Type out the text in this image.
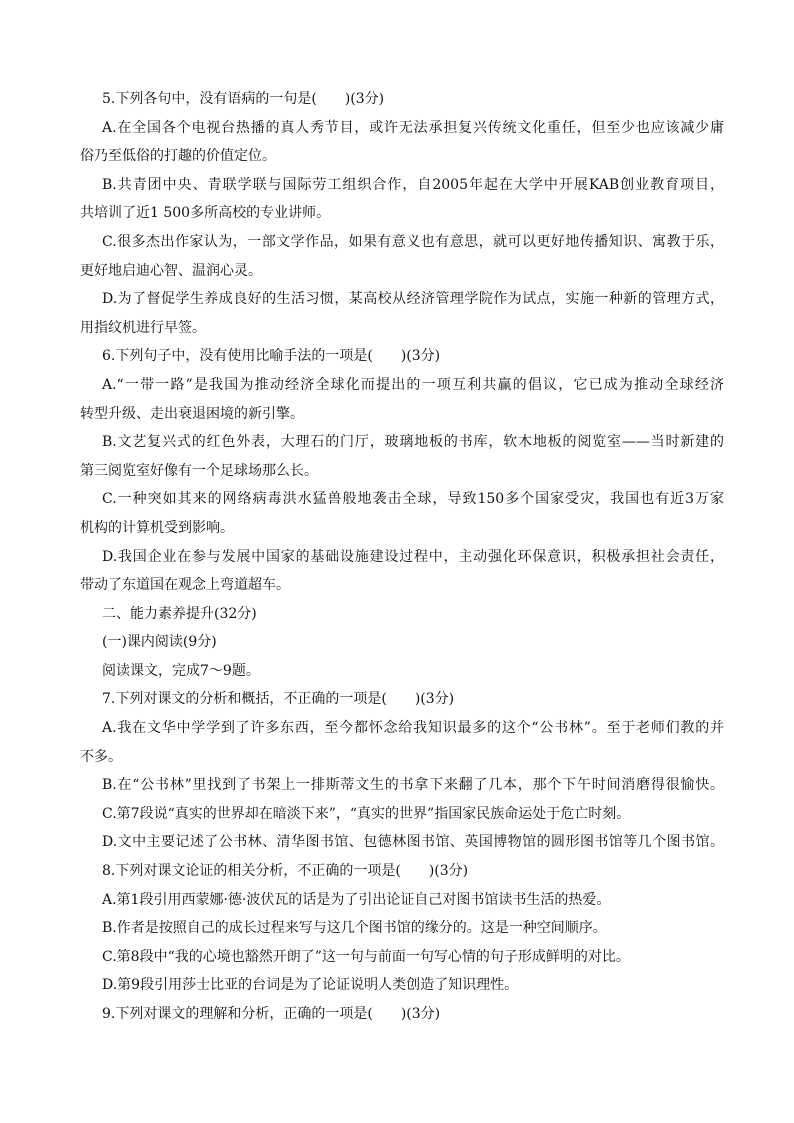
5.下列各句中，没有语病的一句是(　　)(3分)
A.在全国各个电视台热播的真人秀节目，或许无法承担复兴传统文化重任，但至少也应该减少庸
俗乃至低俗的打趣的价值定位。
B.共青团中央、青联学联与国际劳工组织合作，自2005年起在大学中开展KAB创业教育项目，
共培训了近1 500多所高校的专业讲师。
C.很多杰出作家认为，一部文学作品，如果有意义也有意思，就可以更好地传播知识、寓教于乐，
更好地启迪心智、温润心灵。
D.为了督促学生养成良好的生活习惯，某高校从经济管理学院作为试点，实施一种新的管理方式，
用指纹机进行早签。
6.下列句子中，没有使用比喻手法的一项是(　　)(3分)
A.“一带一路”是我国为推动经济全球化而提出的一项互利共赢的倡议，它已成为推动全球经济
转型升级、走出衰退困境的新引擎。
B.文艺复兴式的红色外表，大理石的门厅，玻璃地板的书库，软木地板的阅览室——当时新建的
第三阅览室好像有一个足球场那么长。
C.一种突如其来的网络病毒洪水猛兽般地袭击全球，导致150多个国家受灾，我国也有近3万家
机构的计算机受到影响。
D.我国企业在参与发展中国家的基础设施建设过程中，主动强化环保意识，积极承担社会责任，
带动了东道国在观念上弯道超车。
二、能力素养提升(32分)
(一)课内阅读(9分)
阅读课文，完成7～9题。
7.下列对课文的分析和概括，不正确的一项是(　　)(3分)
A.我在文华中学学到了许多东西，至今都怀念给我知识最多的这个“公书林”。至于老师们教的并
不多。
B.在“公书林”里找到了书架上一排斯蒂文生的书拿下来翻了几本，那个下午时间消磨得很愉快。
C.第7段说“真实的世界却在暗淡下来”，“真实的世界”指国家民族命运处于危亡时刻。
D.文中主要记述了公书林、清华图书馆、包德林图书馆、英国博物馆的圆形图书馆等几个图书馆。
8.下列对课文论证的相关分析，不正确的一项是(　　)(3分)
A.第1段引用西蒙娜·德·波伏瓦的话是为了引出论证自己对图书馆读书生活的热爱。
B.作者是按照自己的成长过程来写与这几个图书馆的缘分的。这是一种空间顺序。
C.第8段中“我的心境也豁然开朗了”这一句与前面一句写心情的句子形成鲜明的对比。
D.第9段引用莎士比亚的台词是为了论证说明人类创造了知识理性。
9.下列对课文的理解和分析，正确的一项是(　　)(3分)
